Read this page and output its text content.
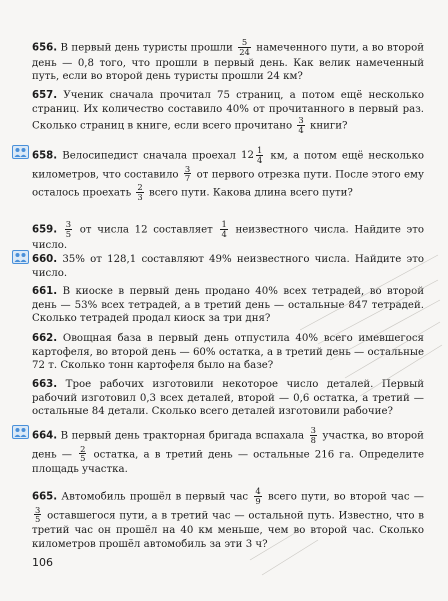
656. В первый день туристы прошли $\frac{5}{24}$ намеченного пути, а во второй день — 0,8 того, что прошли в первый день. Как велик намеченный путь, если во второй день туристы прошли 24 км?

657. Ученик сначала прочитал 75 страниц, а потом ещё несколько страниц. Их количество составило 40% от прочитанного в первый раз. Сколько страниц в книге, если всего прочитано $\frac{3}{4}$ книги?

658. Велосипедист сначала проехал $12 \frac{1}{4}$ км, а потом ещё несколько километров, что составило $\frac{3}{7}$ от первого отрезка пути. После этого ему осталось проехать $\frac{2}{3}$ всего пути. Какова длина всего пути?

659. $\frac{3}{5}$ от числа 12 составляет $\frac{1}{4}$ неизвестного числа. Найдите это число.

660. 35% от 128,1 составляют 49% неизвестного числа. Найдите это число.

661. В киоске в первый день продано 40% всех тетрадей, во второй день — 53% всех тетрадей, а в третий день — остальные 847 тетрадей. Сколько тетрадей продал киоск за три дня?

662. Овощная база в первый день отпустила 40% всего имевшегося картофеля, во второй день — 60% остатка, а в третий день — остальные 72 т. Сколько тонн картофеля было на базе?

663. Трое рабочих изготовили некоторое число деталей. Первый рабочий изготовил 0,3 всех деталей, второй — 0,6 остатка, а третий — остальные 84 детали. Сколько всего деталей изготовили рабочие?

664. В первый день тракторная бригада вспахала $\frac{3}{8}$ участка, во второй день — $\frac{2}{5}$ остатка, а в третий день — остальные 216 га. Определите площадь участка.

665. Автомобиль прошёл в первый час $\frac{4}{9}$ всего пути, во второй час —
$\frac{3}{5}$ оставшегося пути, а в третий час — остальной путь. Известно, что в третий час он прошёл на 40 км меньше, чем во второй час. Сколько километров прошёл автомобиль за эти 3 ч?

106
